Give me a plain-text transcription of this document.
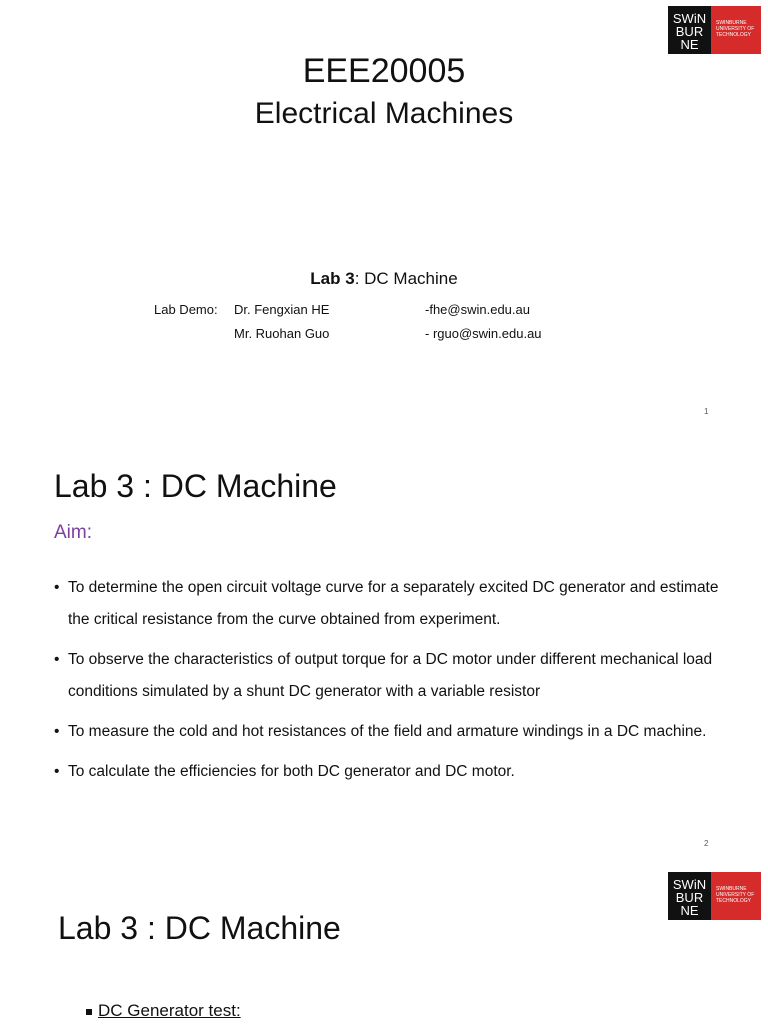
SWiN
BUR
NE
SWINBURNE
UNIVERSITY OF
TECHNOLOGY
EEE20005
Electrical Machines
Lab 3: DC Machine
Lab Demo: Dr. Fengxian HE	-fhe@swin.edu.au
Mr. Ruohan Guo	- rguo@swin.edu.au
1
Lab 3 : DC Machine
Aim:
• To determine the open circuit voltage curve for a separately excited DC generator and estimate the critical resistance from the curve obtained from experiment.
• To observe the characteristics of output torque for a DC motor under different mechanical load conditions simulated by a shunt DC generator with a variable resistor
• To measure the cold and hot resistances of the field and armature windings in a DC machine.
• To calculate the efficiencies for both DC generator and DC motor.
2
SWiN
BUR
NE
SWINBURNE
UNIVERSITY OF
TECHNOLOGY
Lab 3 : DC Machine
DC Generator test:
